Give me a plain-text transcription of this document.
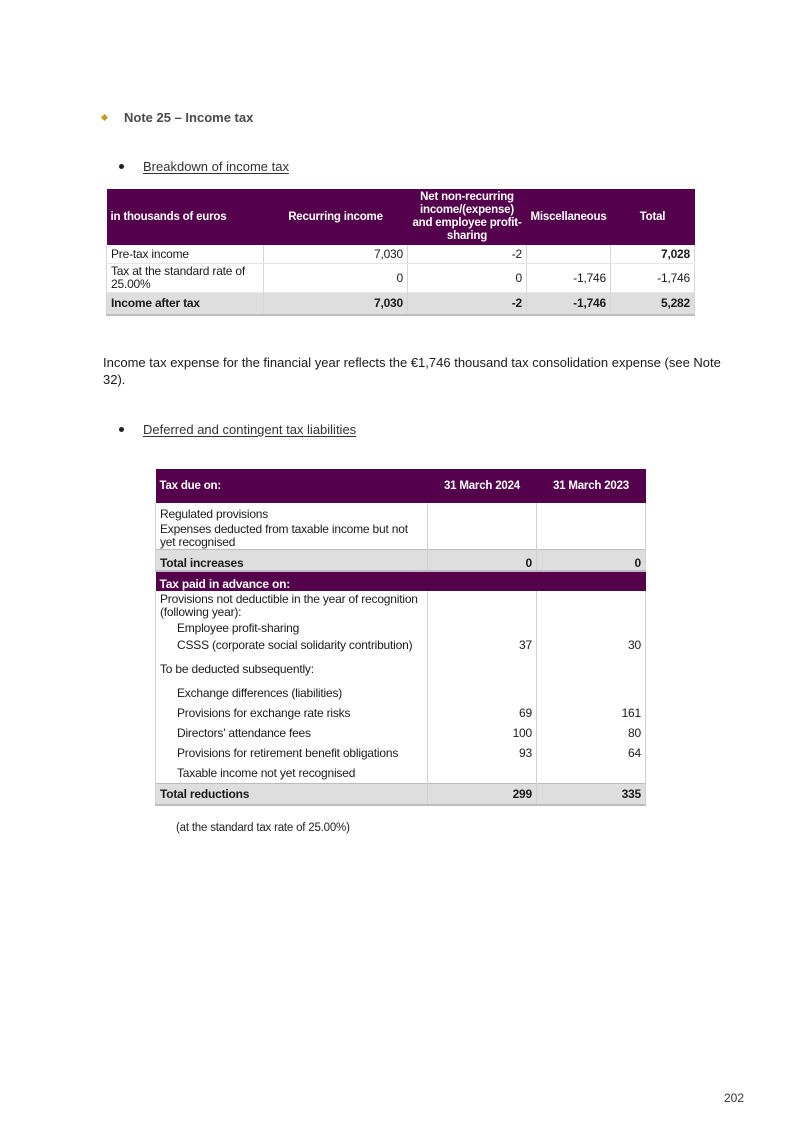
Note 25 – Income tax
Breakdown of income tax
in thousands of euros	Recurring income	Net non-recurring income/(expense) and employee profit-sharing	Miscellaneous	Total
Pre-tax income	7,030	-2		7,028
Tax at the standard rate of 25.00%	0	0	-1,746	-1,746
Income after tax	7,030	-2	-1,746	5,282
Income tax expense for the financial year reflects the €1,746 thousand tax consolidation expense (see Note 32).
Deferred and contingent tax liabilities
Tax due on:	31 March 2024	31 March 2023
Regulated provisions		
Expenses deducted from taxable income but not yet recognised		
Total increases	0	0
Tax paid in advance on:		
Provisions not deductible in the year of recognition (following year):		
Employee profit-sharing		
CSSS (corporate social solidarity contribution)	37	30
To be deducted subsequently:		
Exchange differences (liabilities)		
Provisions for exchange rate risks	69	161
Directors' attendance fees	100	80
Provisions for retirement benefit obligations	93	64
Taxable income not yet recognised		
Total reductions	299	335
(at the standard tax rate of 25.00%)
202
